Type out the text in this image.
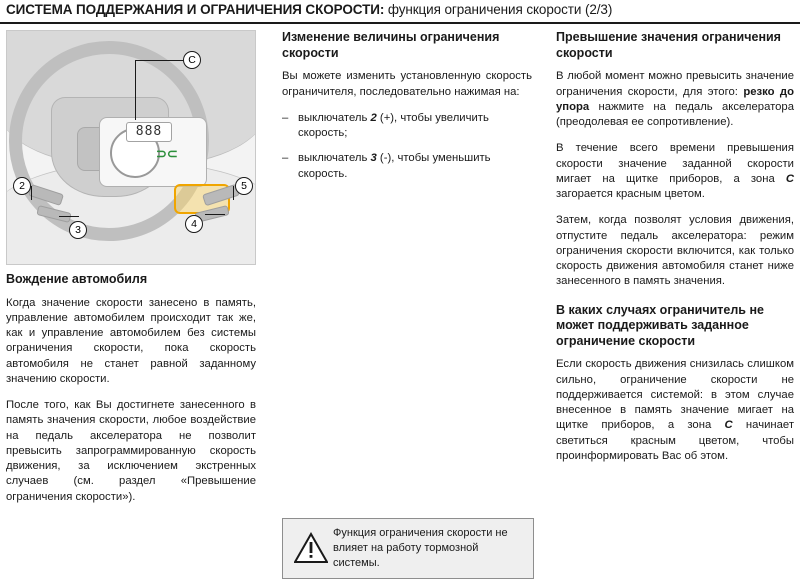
СИСТЕМА ПОДДЕРЖАНИЯ И ОГРАНИЧЕНИЯ СКОРОСТИ: функция ограничения скорости (2/3)
888
⊃⊂
C
2
3	4
5
Вождение автомобиля

Когда значение скорости занесено в память, управление автомобилем происходит так же, как и управление автомобилем без системы ограничения скорости, пока скорость автомобиля не станет равной заданному значению скорости.

После того, как Вы достигнете занесенного в память значения скорости, любое воздействие на педаль акселератора не позволит превысить запрограммированную скорость движения, за исключением экстренных случаев (см. раздел «Превышение ограничения скорости»).

Изменение величины ограничения скорости

Вы можете изменить установленную скорость ограничителя, последовательно нажимая на:

– выключатель 2 (+), чтобы увеличить скорость;
– выключатель 3 (-), чтобы уменьшить скорость.
Превышение значения ограничения скорости

В любой момент можно превысить значение ограничения скорости, для этого: резко до упора нажмите на педаль акселератора (преодолевая ее сопротивление).

В течение всего времени превышения скорости значение заданной скорости мигает на щитке приборов, а зона C загорается красным цветом.

Затем, когда позволят условия движения, отпустите педаль акселератора: режим ограничения скорости включится, как только скорость движения автомобиля станет ниже занесенного в память значения.

В каких случаях ограничитель не может поддерживать заданное ограничение скорости

Если скорость движения снизилась слишком сильно, ограничение скорости не поддерживается системой: в этом случае внесенное в память значение мигает на щитке приборов, а зона C начинает светиться красным цветом, чтобы проинформировать Вас об этом.

Функция ограничения скорости не влияет на работу тормозной системы.
